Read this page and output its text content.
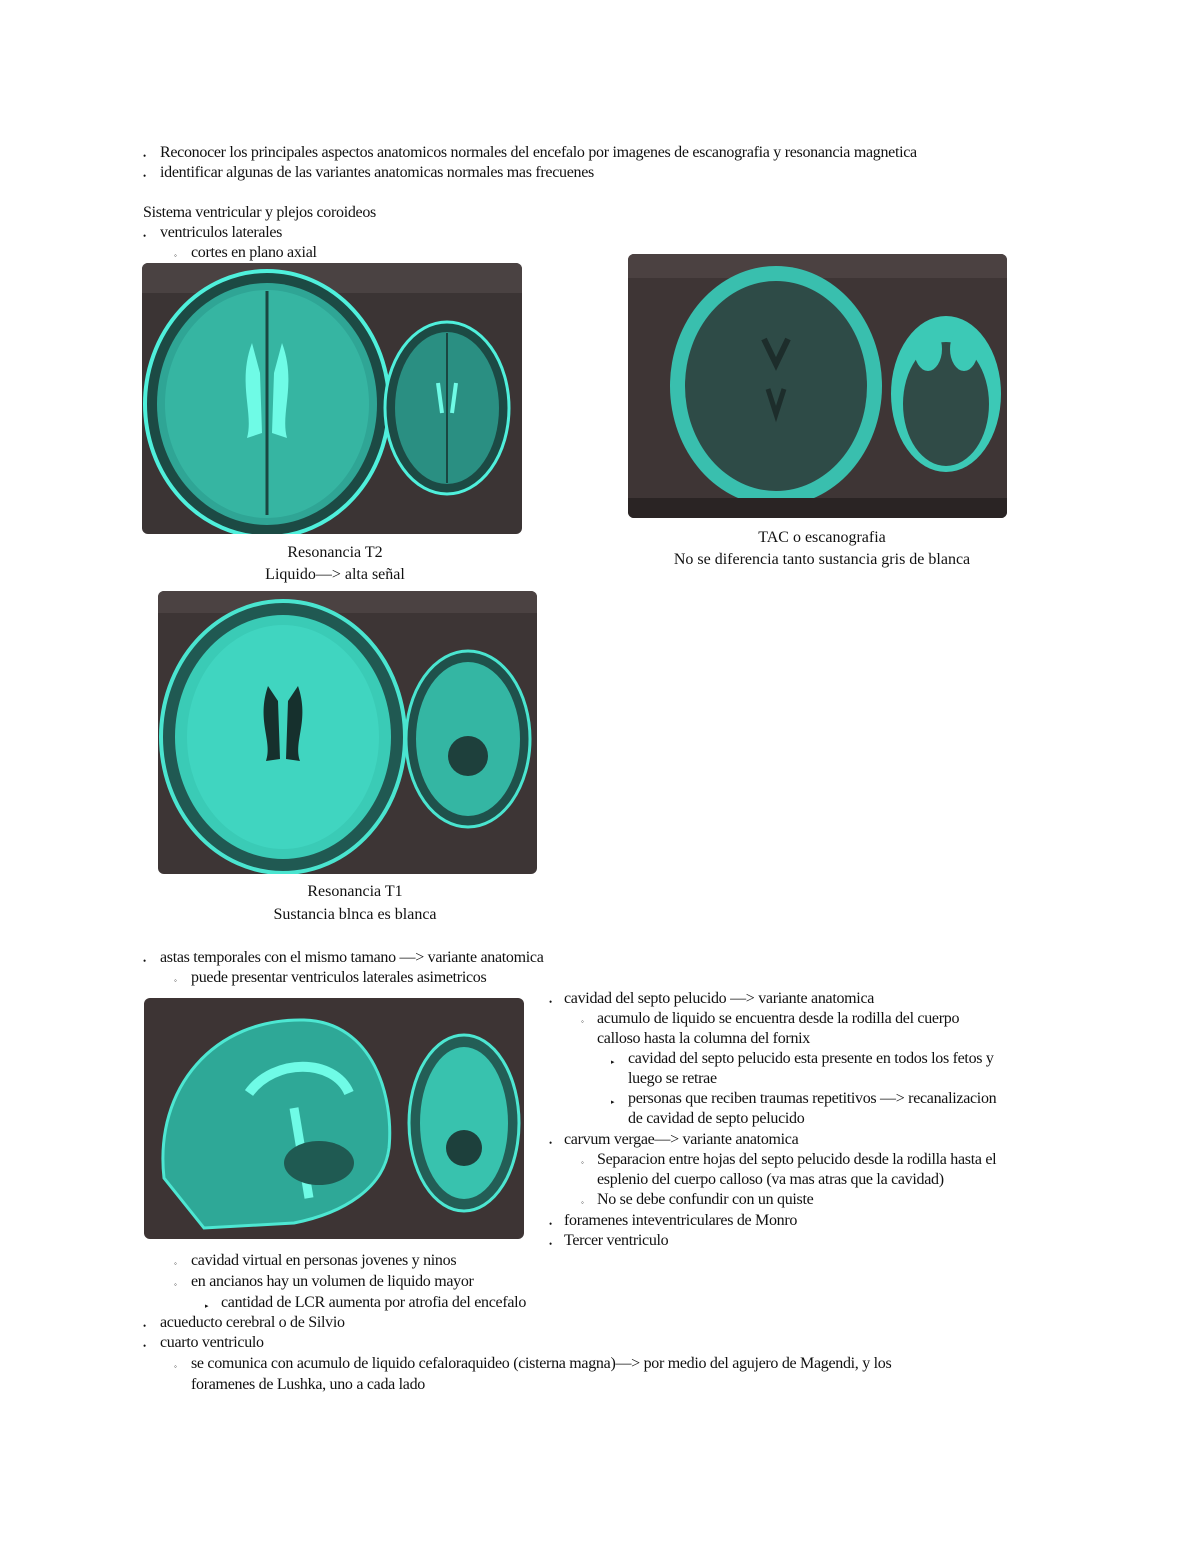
• Reconocer los principales aspectos anatomicos normales del encefalo por imagenes de escanografia y resonancia magnetica
• identificar algunas de las variantes anatomicas normales mas frecuenes
Sistema ventricular y plejos coroideos
• ventriculos laterales
◦ cortes en plano axial
Resonancia T2
Liquido—> alta señal
TAC o escanografia
No se diferencia tanto sustancia gris de blanca
Resonancia T1
Sustancia blnca es blanca
• astas temporales con el mismo tamano —> variante anatomica
◦ puede presentar ventriculos laterales asimetricos
• cavidad del septo pelucido —> variante anatomica
◦ acumulo de liquido se encuentra desde la rodilla del cuerpo
calloso hasta la columna del fornix
▸ cavidad del septo pelucido esta presente en todos los fetos y
luego se retrae
▸ personas que reciben traumas repetitivos —> recanalizacion
de cavidad de septo pelucido
• carvum vergae—> variante anatomica
◦ Separacion entre hojas del septo pelucido desde la rodilla hasta el
esplenio del cuerpo calloso (va mas atras que la cavidad)
◦ No se debe confundir con un quiste
• foramenes inteventriculares de Monro
• Tercer ventriculo
◦ cavidad virtual en personas jovenes y ninos
◦ en ancianos hay un volumen de liquido mayor
▸ cantidad de LCR aumenta por atrofia del encefalo
• acueducto cerebral o de Silvio
• cuarto ventriculo
◦ se comunica con acumulo de liquido cefaloraquideo (cisterna magna)—> por medio del agujero de Magendi, y los
foramenes de Lushka, uno a cada lado
